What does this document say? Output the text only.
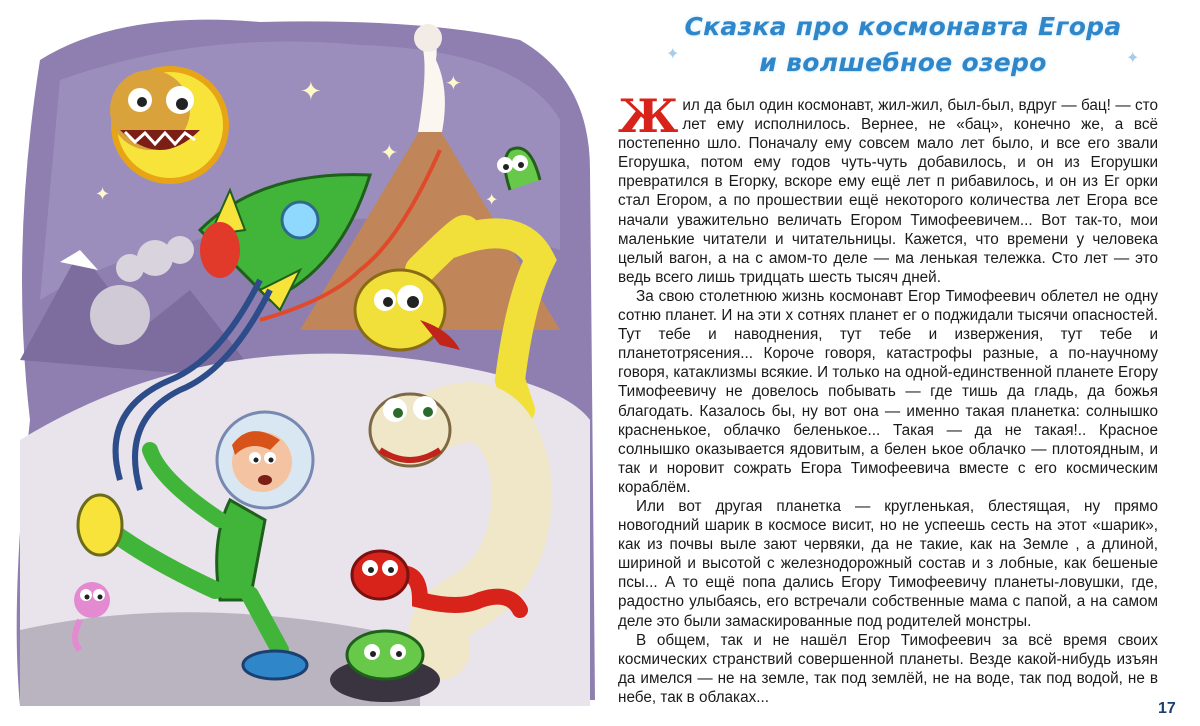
✦
✦
✦
✦	✦
✦	✦
Сказка про космонавта Егора
и волшебное озеро

Жил да был один космонавт, жил-жил, был-был, вдруг — бац! — сто лет ему исполнилось. Вернее, не «бац», конечно же, а всё постепенно шло. Поначалу ему совсем мало лет было, и все его звали Егорушка, потом ему годов чуть-чуть добавилось, и он из Егорушки превратился в Егорку, вскоре ему ещё лет п рибавилось, и он из Ег орки стал Егором, а по прошествии ещё некоторого количества лет Егора все начали уважительно величать Егором Тимофеевичем... Вот так-то, мои маленькие читатели и читательницы. Кажется, что времени у человека целый вагон, а на с амом-то деле — ма ленькая тележка. Сто лет — это ведь всего лишь тридцать шесть тысяч дней.

За свою столетнюю жизнь космонавт Егор Тимофеевич облетел не одну сотню планет. И на эти х сотнях планет ег о поджидали тысячи опасностей. Тут тебе и наводнения, тут тебе и извержения, тут тебе и планетотрясения... Короче говоря, катастрофы разные, а по-научному говоря, катаклизмы всякие. И только на одной-единственной планете Егору Тимофеевичу не довелось побывать — где тишь да гладь, да божья благодать. Казалось бы, ну вот она — именно такая планетка: солнышко красненькое, облачко беленькое... Такая — да не такая!.. Красное солнышко оказывается ядовитым, а белен ькое облачко — плотоядным, и так и норовит сожрать Егора Тимофеевича вместе с его космическим кораблём.

Или вот другая планетка — кругленькая, блестящая, ну прямо новогодний шарик в космосе висит, но не успеешь сесть на этот «шарик», как из почвы выле зают червяки, да не такие, как на Земле , а длиной, шириной и высотой с железнодорожный состав и з лобные, как бешеные псы... А то ещё попа дались Егору Тимофеевичу планеты-ловушки, где, радостно улыбаясь, его встречали собственные мама с папой, а на самом деле это были замаскированные под родителей монстры.

В общем, так и не нашёл Егор Тимофеевич за всё время своих космических странствий совершенной планеты. Везде какой-нибудь изъян да имелся — не на земле, так под землёй, не на воде, так под водой, не в небе, так в облаках...

17
